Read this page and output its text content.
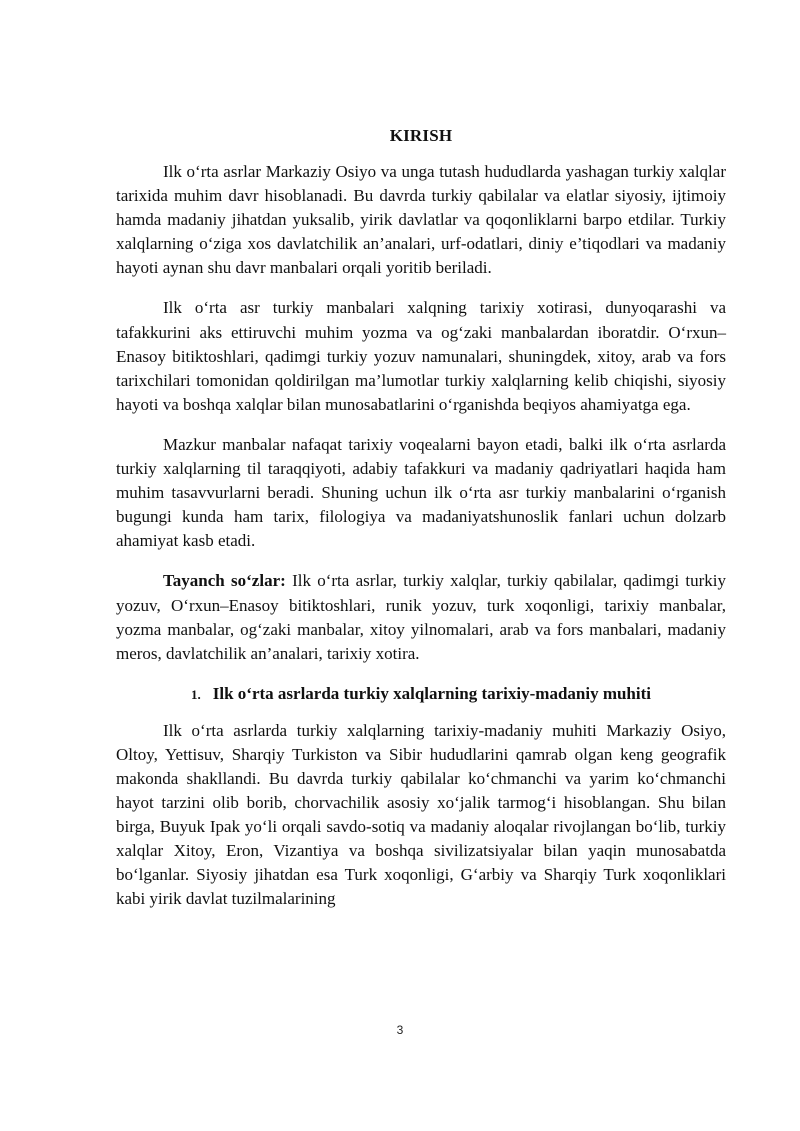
KIRISH

Ilk o‘rta asrlar Markaziy Osiyo va unga tutash hududlarda yashagan turkiy xalqlar tarixida muhim davr hisoblanadi. Bu davrda turkiy qabilalar va elatlar siyosiy, ijtimoiy hamda madaniy jihatdan yuksalib, yirik davlatlar va qoqonliklarni barpo etdilar. Turkiy xalqlarning o‘ziga xos davlatchilik an’analari, urf-odatlari, diniy e’tiqodlari va madaniy hayoti aynan shu davr manbalari orqali yoritib beriladi.

Ilk o‘rta asr turkiy manbalari xalqning tarixiy xotirasi, dunyoqarashi va tafakkurini aks ettiruvchi muhim yozma va og‘zaki manbalardan iboratdir. O‘rxun–Enasoy bitiktoshlari, qadimgi turkiy yozuv namunalari, shuningdek, xitoy, arab va fors tarixchilari tomonidan qoldirilgan ma’lumotlar turkiy xalqlarning kelib chiqishi, siyosiy hayoti va boshqa xalqlar bilan munosabatlarini o‘rganishda beqiyos ahamiyatga ega.

Mazkur manbalar nafaqat tarixiy voqealarni bayon etadi, balki ilk o‘rta asrlarda turkiy xalqlarning til taraqqiyoti, adabiy tafakkuri va madaniy qadriyatlari haqida ham muhim tasavvurlarni beradi. Shuning uchun ilk o‘rta asr turkiy manbalarini o‘rganish bugungi kunda ham tarix, filologiya va madaniyatshunoslik fanlari uchun dolzarb ahamiyat kasb etadi.

Tayanch so‘zlar: Ilk o‘rta asrlar, turkiy xalqlar, turkiy qabilalar, qadimgi turkiy yozuv, O‘rxun–Enasoy bitiktoshlari, runik yozuv, turk xoqonligi, tarixiy manbalar, yozma manbalar, og‘zaki manbalar, xitoy yilnomalari, arab va fors manbalari, madaniy meros, davlatchilik an’analari, tarixiy xotira.

1. Ilk o‘rta asrlarda turkiy xalqlarning tarixiy-madaniy muhiti

Ilk o‘rta asrlarda turkiy xalqlarning tarixiy-madaniy muhiti Markaziy Osiyo, Oltoy, Yettisuv, Sharqiy Turkiston va Sibir hududlarini qamrab olgan keng geografik makonda shakllandi. Bu davrda turkiy qabilalar ko‘chmanchi va yarim ko‘chmanchi hayot tarzini olib borib, chorvachilik asosiy xo‘jalik tarmog‘i hisoblangan. Shu bilan birga, Buyuk Ipak yo‘li orqali savdo-sotiq va madaniy aloqalar rivojlangan bo‘lib, turkiy xalqlar Xitoy, Eron, Vizantiya va boshqa sivilizatsiyalar bilan yaqin munosabatda bo‘lganlar. Siyosiy jihatdan esa Turk xoqonligi, G‘arbiy va Sharqiy Turk xoqonliklari kabi yirik davlat tuzilmalarining

3
